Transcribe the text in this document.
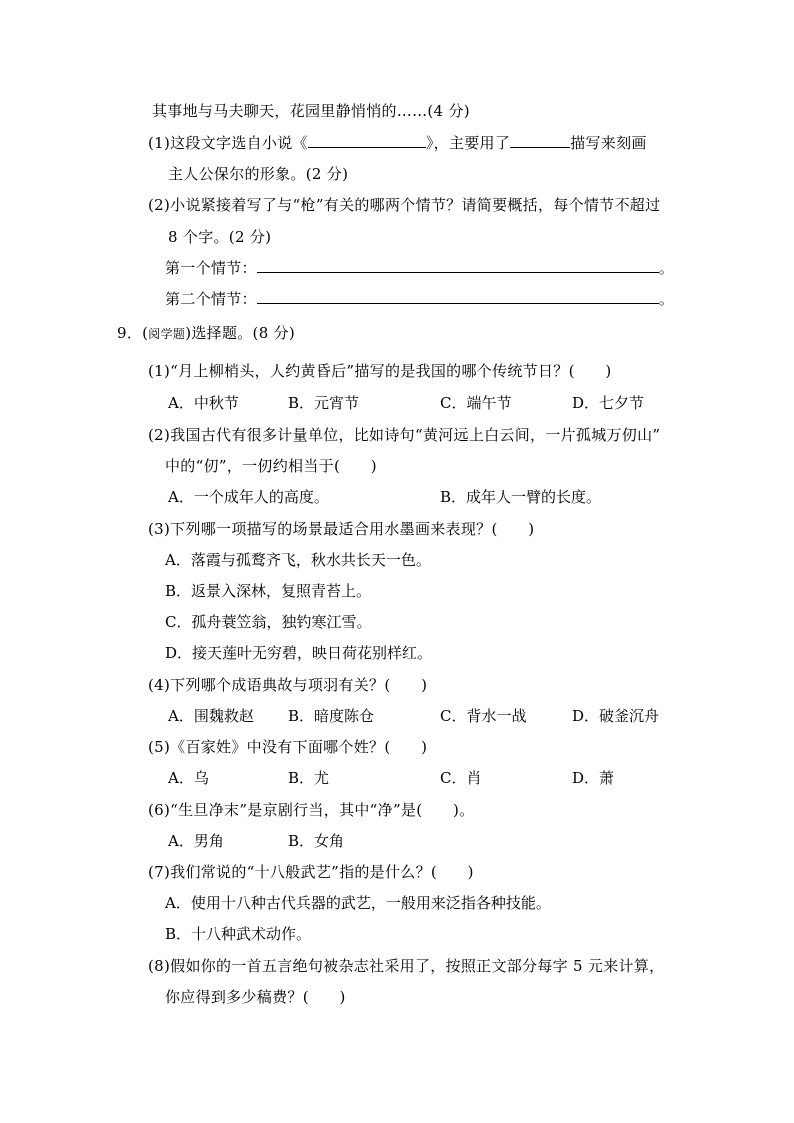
其事地与马夫聊天，花园里静悄悄的……(4 分)
(1)这段文字选自小说《	》，主要用了	描写来刻画
主人公保尔的形象。(2 分)
(2)小说紧接着写了与“枪”有关的哪两个情节？请简要概括，每个情节不超过
8 个字。(2 分)
第一个情节：	。
第二个情节：	。
9．(阅学题)选择题。(8 分)
(1)“月上柳梢头，人约黄昏后”描写的是我国的哪个传统节日？(　　)
A．中秋节	B．元宵节	C．端午节	D．七夕节
(2)我国古代有很多计量单位，比如诗句“黄河远上白云间，一片孤城万仞山”
中的“仞”，一仞约相当于(　　)
A．一个成年人的高度。	B．成年人一臂的长度。
(3)下列哪一项描写的场景最适合用水墨画来表现？(　　)
A．落霞与孤鹜齐飞，秋水共长天一色。
B．返景入深林，复照青苔上。
C．孤舟蓑笠翁，独钓寒江雪。
D．接天莲叶无穷碧，映日荷花别样红。
(4)下列哪个成语典故与项羽有关？(　　)
A．围魏救赵 B．暗度陈仓	C．背水一战	D．破釜沉舟
(5)《百家姓》中没有下面哪个姓？(　　)
A．乌	B．尤	C．肖	D．萧
(6)“生旦净末”是京剧行当，其中“净”是(　　)。
A．男角	B．女角
(7)我们常说的“十八般武艺”指的是什么？(　　)
A．使用十八种古代兵器的武艺，一般用来泛指各种技能。
B．十八种武术动作。
(8)假如你的一首五言绝句被杂志社采用了，按照正文部分每字 5 元来计算，
你应得到多少稿费？(　　)
